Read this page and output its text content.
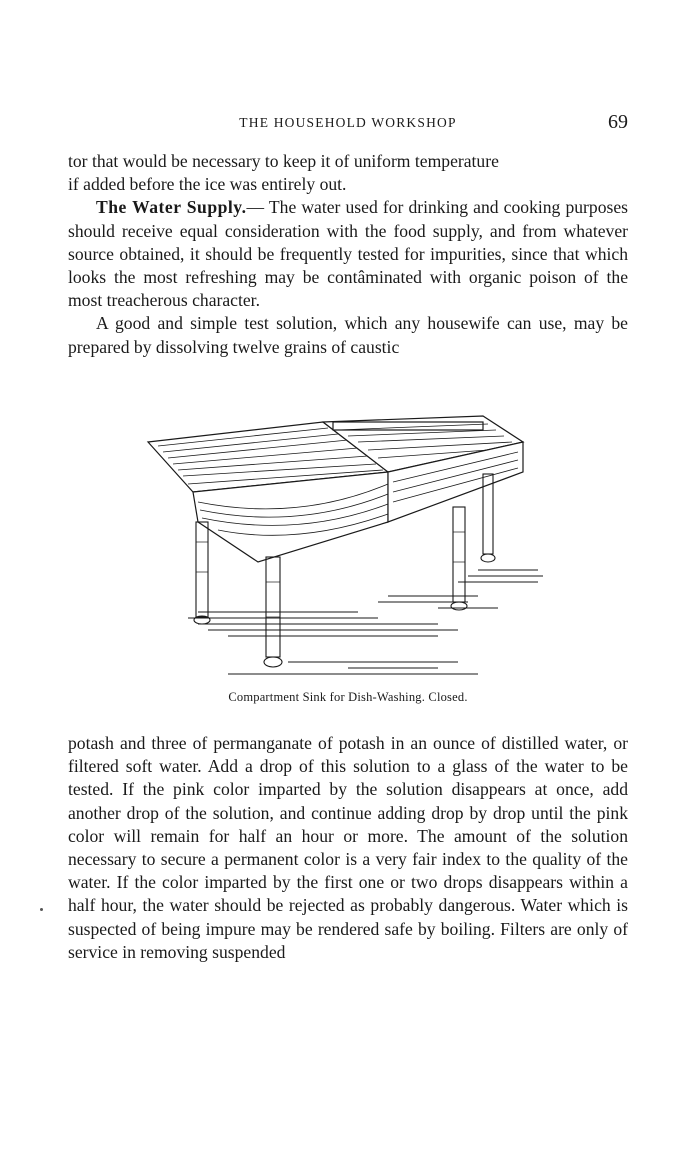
THE HOUSEHOLD WORKSHOP	69

tor that would be necessary to keep it of uniform temperature

if added before the ice was entirely out.

The Water Supply.— The water used for drinking and cooking purposes should receive equal consideration with the food supply, and from whatever source obtained, it should be frequently tested for impurities, since that which looks the most refreshing may be contâminated with organic poison of the most treacherous character.

A good and simple test solution, which any housewife can use, may be prepared by dissolving twelve grains of caustic

Compartment Sink for Dish-Washing. Closed.

potash and three of permanganate of potash in an ounce of distilled water, or filtered soft water. Add a drop of this solution to a glass of the water to be tested. If the pink color imparted by the solution disappears at once, add another drop of the solution, and continue adding drop by drop until the pink color will remain for half an hour or more. The amount of the solution necessary to secure a permanent color is a very fair index to the quality of the water. If the color imparted by the first one or two drops disappears within a half hour, the water should be rejected as probably dangerous. Water which is suspected of being impure may be rendered safe by boiling. Filters are only of service in removing suspended
